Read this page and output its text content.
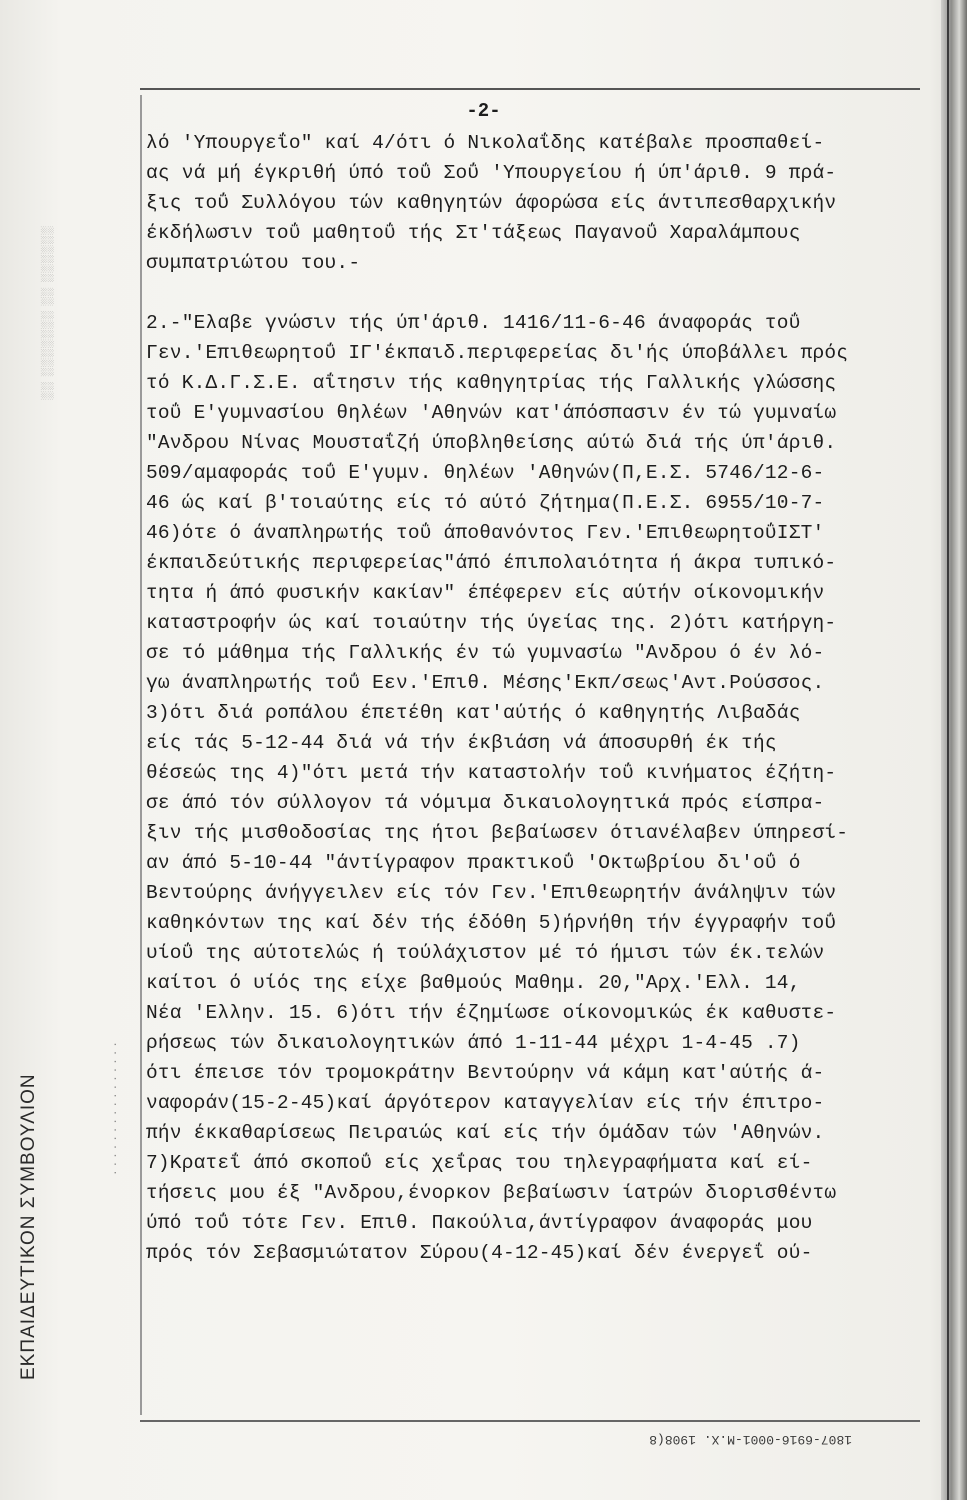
░░ ░░░░░░░ ░░ ░░░░░░
ΕΚΠΑΙΔΕΥΤΙΚΟΝ ΣΥΜΒΟΥΛΙΟΝ	· · · · · · · · · · · · · · · ·
-2-
λό 'Υπουργεΐο" καί 4/ότι ό Νικολαΐδης κατέβαλε προσπαθεί-
ας νά μή έγκριθή ύπό τοΰ Σοΰ 'Υπουργείου ή ύπ'άριθ. 9 πρά-
ξις τοΰ Συλλόγου τών καθηγητών άφορώσα είς άντιπεσθαρχικήν
έκδήλωσιν τοΰ μαθητοΰ τής Στ'τάξεως Παγανοΰ Χαραλάμπους
συμπατριώτου του.-
2.-"Ελαβε γνώσιν τής ύπ'άριθ. 1416/11-6-46 άναφοράς τοΰ
Γεν.'Επιθεωρητοΰ ΙΓ'έκπαιδ.περιφερείας δι'ής ύποβάλλει πρός
τό Κ.Δ.Γ.Σ.Ε. αΐτησιν τής καθηγητρίας τής Γαλλικής γλώσσης
τοΰ Ε'γυμνασίου θηλέων 'Αθηνών κατ'άπόσπασιν έν τώ γυμναίω
"Ανδρου Νίνας Μουσταΐζή ύποβληθείσης αύτώ διά τής ύπ'άριθ.
509/αμαφοράς τοΰ Ε'γυμν. θηλέων 'Αθηνών(Π,Ε.Σ. 5746/12-6-
46 ώς καί β'τοιαύτης είς τό αύτό ζήτημα(Π.Ε.Σ. 6955/10-7-
46)ότε ό άναπληρωτής τοΰ άποθανόντος Γεν.'ΕπιθεωρητοΰΙΣΤ'
έκπαιδεύτικής περιφερείας"άπό έπιπολαιότητα ή άκρα τυπικό-
τητα ή άπό φυσικήν κακίαν" έπέφερεν είς αύτήν οίκονομικήν
καταστροφήν ώς καί τοιαύτην τής ύγείας της. 2)ότι κατήργη-
σε τό μάθημα τής Γαλλικής έν τώ γυμνασίω "Ανδρου ό έν λό-
γω άναπληρωτής τοΰ Εεν.'Επιθ. Μέσης'Εκπ/σεως'Αντ.Ρούσσος.
3)ότι διά ροπάλου έπετέθη κατ'αύτής ό καθηγητής Λιβαδάς
είς τάς 5-12-44 διά νά τήν έκβιάση νά άποσυρθή έκ τής
θέσεώς της 4)"ότι μετά τήν καταστολήν τοΰ κινήματος έζήτη-
σε άπό τόν σύλλογον τά νόμιμα δικαιολογητικά πρός είσπρα-
ξιν τής μισθοδοσίας της ήτοι βεβαίωσεν ότιανέλαβεν ύπηρεσί-
αν άπό 5-10-44 "άντίγραφον πρακτικοΰ 'Οκτωβρίου δι'οΰ ό
Βεντούρης άνήγγειλεν είς τόν Γεν.'Επιθεωρητήν άνάληψιν τών
καθηκόντων της καί δέν τής έδόθη 5)ήρνήθη τήν έγγραφήν τοΰ
υίοΰ της αύτοτελώς ή τούλάχιστον μέ τό ήμισι τών έκ.τελών
καίτοι ό υίός της είχε βαθμούς Μαθημ. 20,"Αρχ.'Ελλ. 14,
Νέα 'Ελλην. 15. 6)ότι τήν έζημίωσε οίκονομικώς έκ καθυστε-
ρήσεως τών δικαιολογητικών άπό 1-11-44 μέχρι 1-4-45 .7)
ότι έπεισε τόν τρομοκράτην Βεντούρην νά κάμη κατ'αύτής ά-
ναφοράν(15-2-45)καί άργότερον καταγγελίαν είς τήν έπιτρο-
πήν έκκαθαρίσεως Πειραιώς καί είς τήν όμάδαν τών 'Αθηνών.
7)Κρατεΐ άπό σκοποΰ είς χεΐρας του τηλεγραφήματα καί εί-
τήσεις μου έξ "Ανδρου,ένορκον βεβαίωσιν ίατρών διορισθέντω
ύπό τοΰ τότε Γεν. Επιθ. Πακούλια,άντίγραφον άναφοράς μου
πρός τόν Σεβασμιώτατον Σύρου(4-12-45)καί δέν ένεργεΐ ού-
1807-6916-0001-M.X. 1908(8
